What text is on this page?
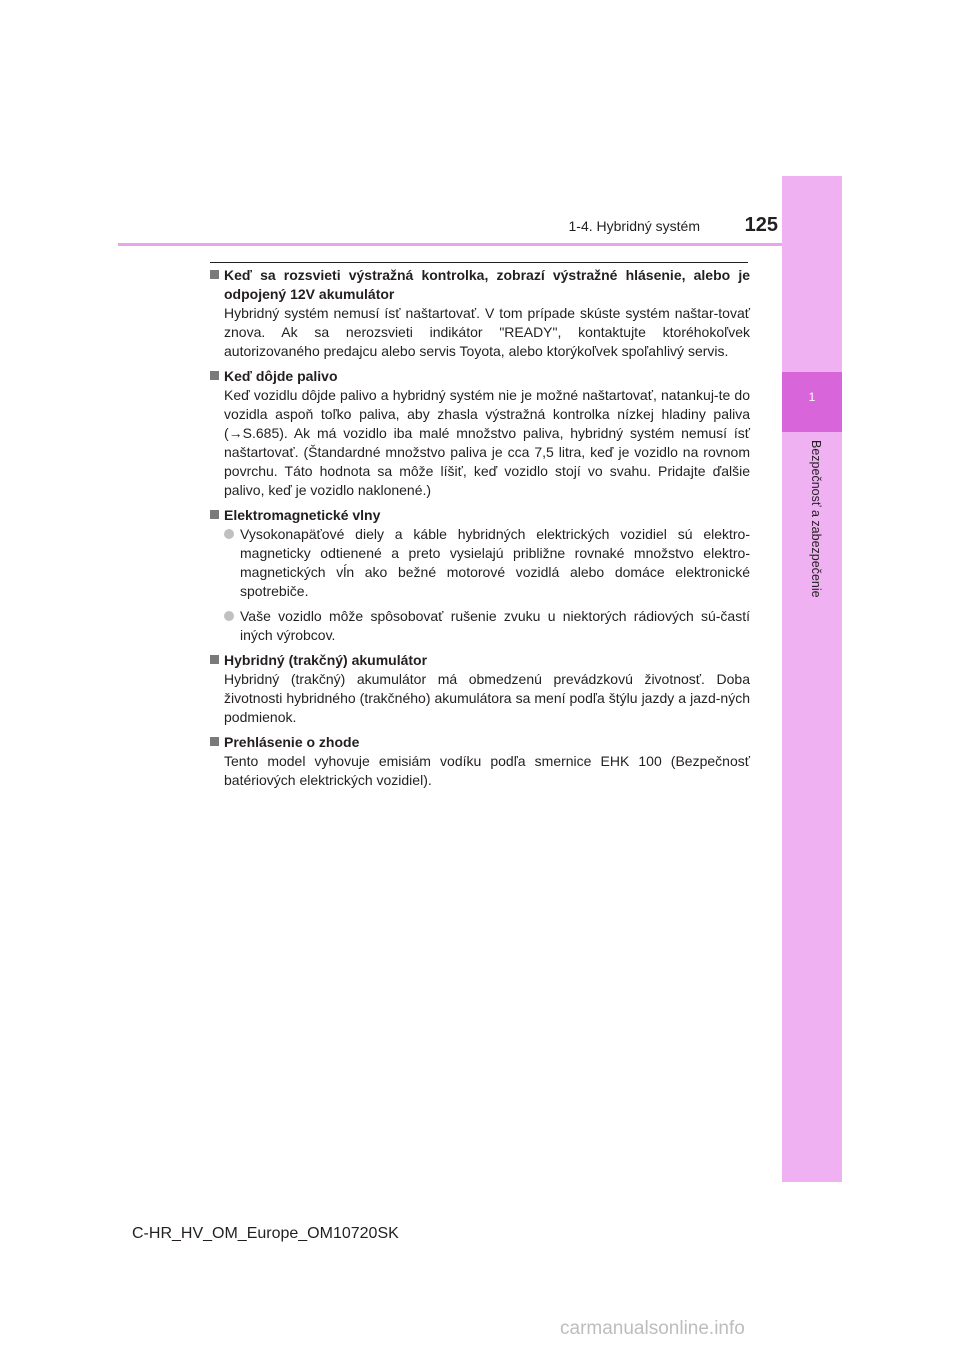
1-4. Hybridný systém	125
1
Bezpečnosť a zabezpečenie
Keď sa rozsvieti výstražná kontrolka, zobrazí výstražné hlásenie, alebo je odpojený 12V akumulátor
Hybridný systém nemusí ísť naštartovať. V tom prípade skúste systém naštar-tovať znova. Ak sa nerozsvieti indikátor "READY", kontaktujte ktoréhokoľvek autorizovaného predajcu alebo servis Toyota, alebo ktorýkoľvek spoľahlivý servis.
Keď dôjde palivo
Keď vozidlu dôjde palivo a hybridný systém nie je možné naštartovať, natankuj-te do vozidla aspoň toľko paliva, aby zhasla výstražná kontrolka nízkej hladiny paliva (→S.685). Ak má vozidlo iba malé množstvo paliva, hybridný systém nemusí ísť naštartovať. (Štandardné množstvo paliva je cca 7,5 litra, keď je vozidlo na rovnom povrchu. Táto hodnota sa môže líšiť, keď vozidlo stojí vo svahu. Pridajte ďalšie palivo, keď je vozidlo naklonené.)
Elektromagnetické vlny
Vysokonapäťové diely a káble hybridných elektrických vozidiel sú elektro-magneticky odtienené a preto vysielajú približne rovnaké množstvo elektro-magnetických vĺn ako bežné motorové vozidlá alebo domáce elektronické spotrebiče.
Vaše vozidlo môže spôsobovať rušenie zvuku u niektorých rádiových sú-častí iných výrobcov.
Hybridný (trakčný) akumulátor
Hybridný (trakčný) akumulátor má obmedzenú prevádzkovú životnosť. Doba životnosti hybridného (trakčného) akumulátora sa mení podľa štýlu jazdy a jazd-ných podmienok.
Prehlásenie o zhode
Tento model vyhovuje emisiám vodíku podľa smernice EHK 100 (Bezpečnosť batériových elektrických vozidiel).
C-HR_HV_OM_Europe_OM10720SK
carmanualsonline.info
